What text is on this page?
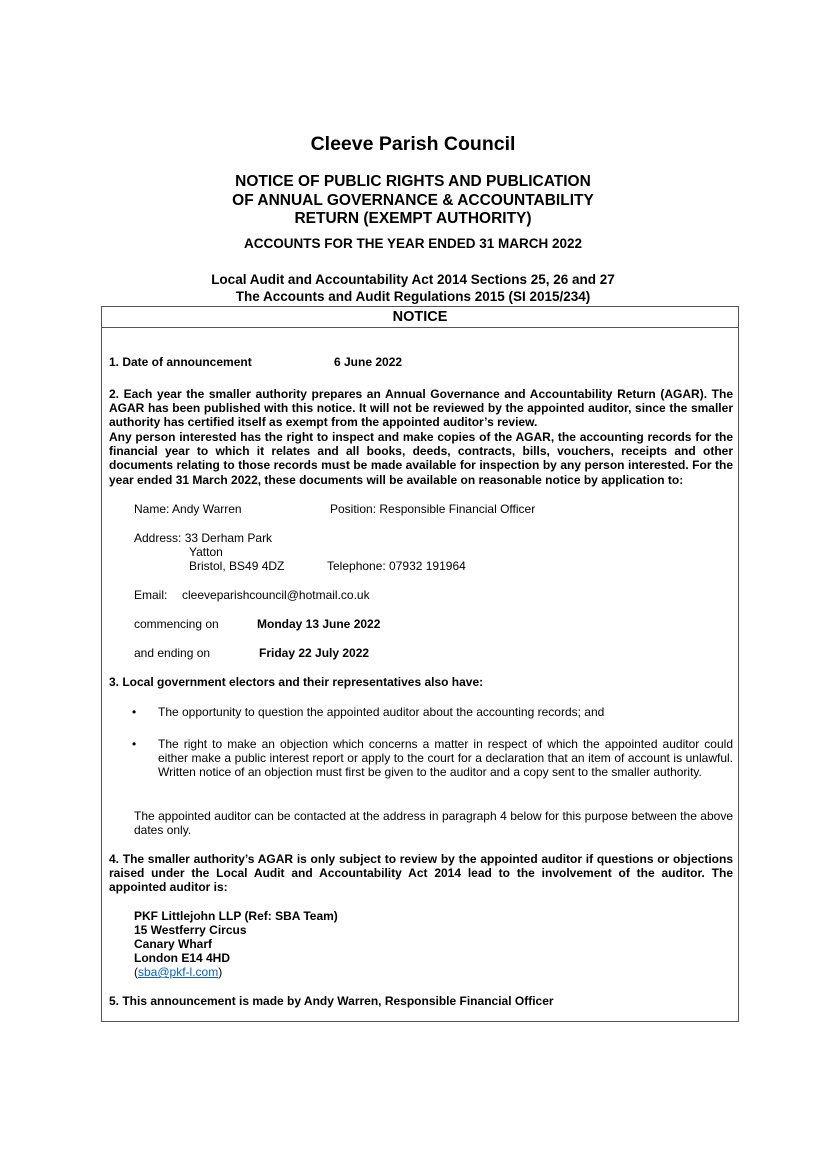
Cleeve Parish Council
NOTICE OF PUBLIC RIGHTS AND PUBLICATION
OF ANNUAL GOVERNANCE & ACCOUNTABILITY
RETURN (EXEMPT AUTHORITY)
ACCOUNTS FOR THE YEAR ENDED 31 MARCH 2022
Local Audit and Accountability Act 2014 Sections 25, 26 and 27
The Accounts and Audit Regulations 2015 (SI 2015/234)
NOTICE
1. Date of announcement	6 June 2022
2. Each year the smaller authority prepares an Annual Governance and Accountability Return (AGAR). The AGAR has been published with this notice. It will not be reviewed by the appointed auditor, since the smaller authority has certified itself as exempt from the appointed auditor’s review.
Any person interested has the right to inspect and make copies of the AGAR, the accounting records for the financial year to which it relates and all books, deeds, contracts, bills, vouchers, receipts and other documents relating to those records must be made available for inspection by any person interested. For the year ended 31 March 2022, these documents will be available on reasonable notice by application to:
Name: Andy Warren	Position: Responsible Financial Officer
Address: 33 Derham Park
Yatton
Bristol, BS49 4DZ	Telephone: 07932 191964
Email: cleeveparishcouncil@hotmail.co.uk
commencing on	Monday 13 June 2022
and ending on	Friday 22 July 2022
3. Local government electors and their representatives also have:
• The opportunity to question the appointed auditor about the accounting records; and
• The right to make an objection which concerns a matter in respect of which the appointed auditor could either make a public interest report or apply to the court for a declaration that an item of account is unlawful. Written notice of an objection must first be given to the auditor and a copy sent to the smaller authority.
The appointed auditor can be contacted at the address in paragraph 4 below for this purpose between the above dates only.
4. The smaller authority’s AGAR is only subject to review by the appointed auditor if questions or objections raised under the Local Audit and Accountability Act 2014 lead to the involvement of the auditor. The appointed auditor is:
PKF Littlejohn LLP (Ref: SBA Team)
15 Westferry Circus
Canary Wharf
London E14 4HD
(sba@pkf-l.com)
5. This announcement is made by Andy Warren, Responsible Financial Officer
